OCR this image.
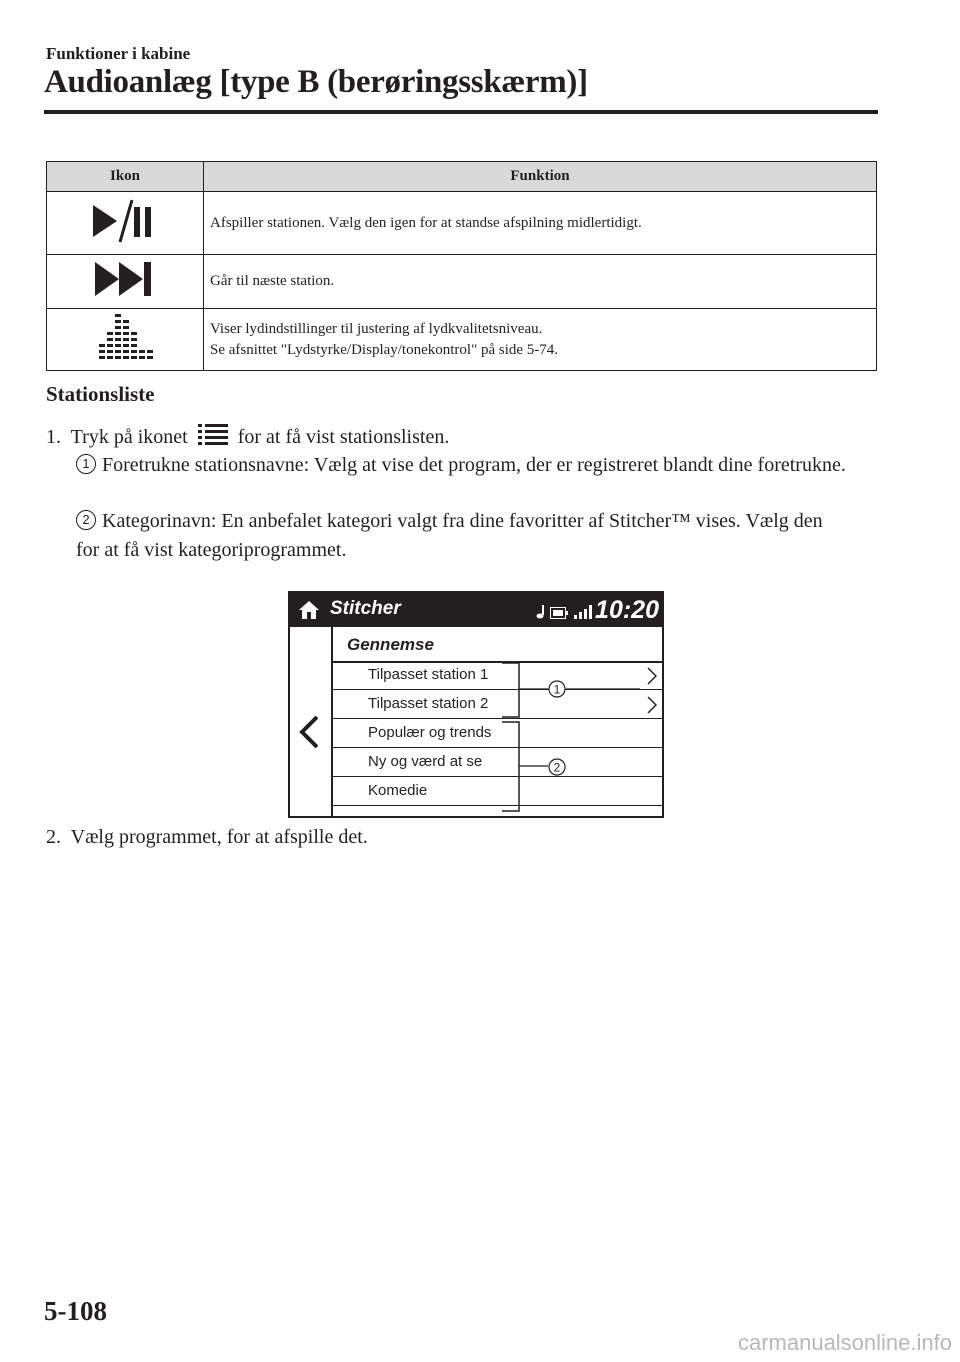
Funktioner i kabine
Audioanlæg [type B (berøringsskærm)]
Ikon	Funktion

Afspiller stationen. Vælg den igen for at standse afspilning midlertidigt.

Går til næste station.

Viser lydindstillinger til justering af lydkvalitetsniveau.
Se afsnittet "Lydstyrke/Display/tonekontrol" på side 5-74.
Stationsliste
1. Tryk på ikonet	for at få vist stationslisten.
1 Foretrukne stationsnavne: Vælg at vise det program, der er registreret blandt dine foretrukne.
2 Kategorinavn: En anbefalet kategori valgt fra dine favoritter af Stitcher™ vises. Vælg den for at få vist kategoriprogrammet.
Stitcher	10:20
Gennemse
Tilpasset station 1
Tilpasset station 2
Populær og trends
Ny og værd at se
Komedie
1
2
2. Vælg programmet, for at afspille det.
5-108
carmanualsonline.info
